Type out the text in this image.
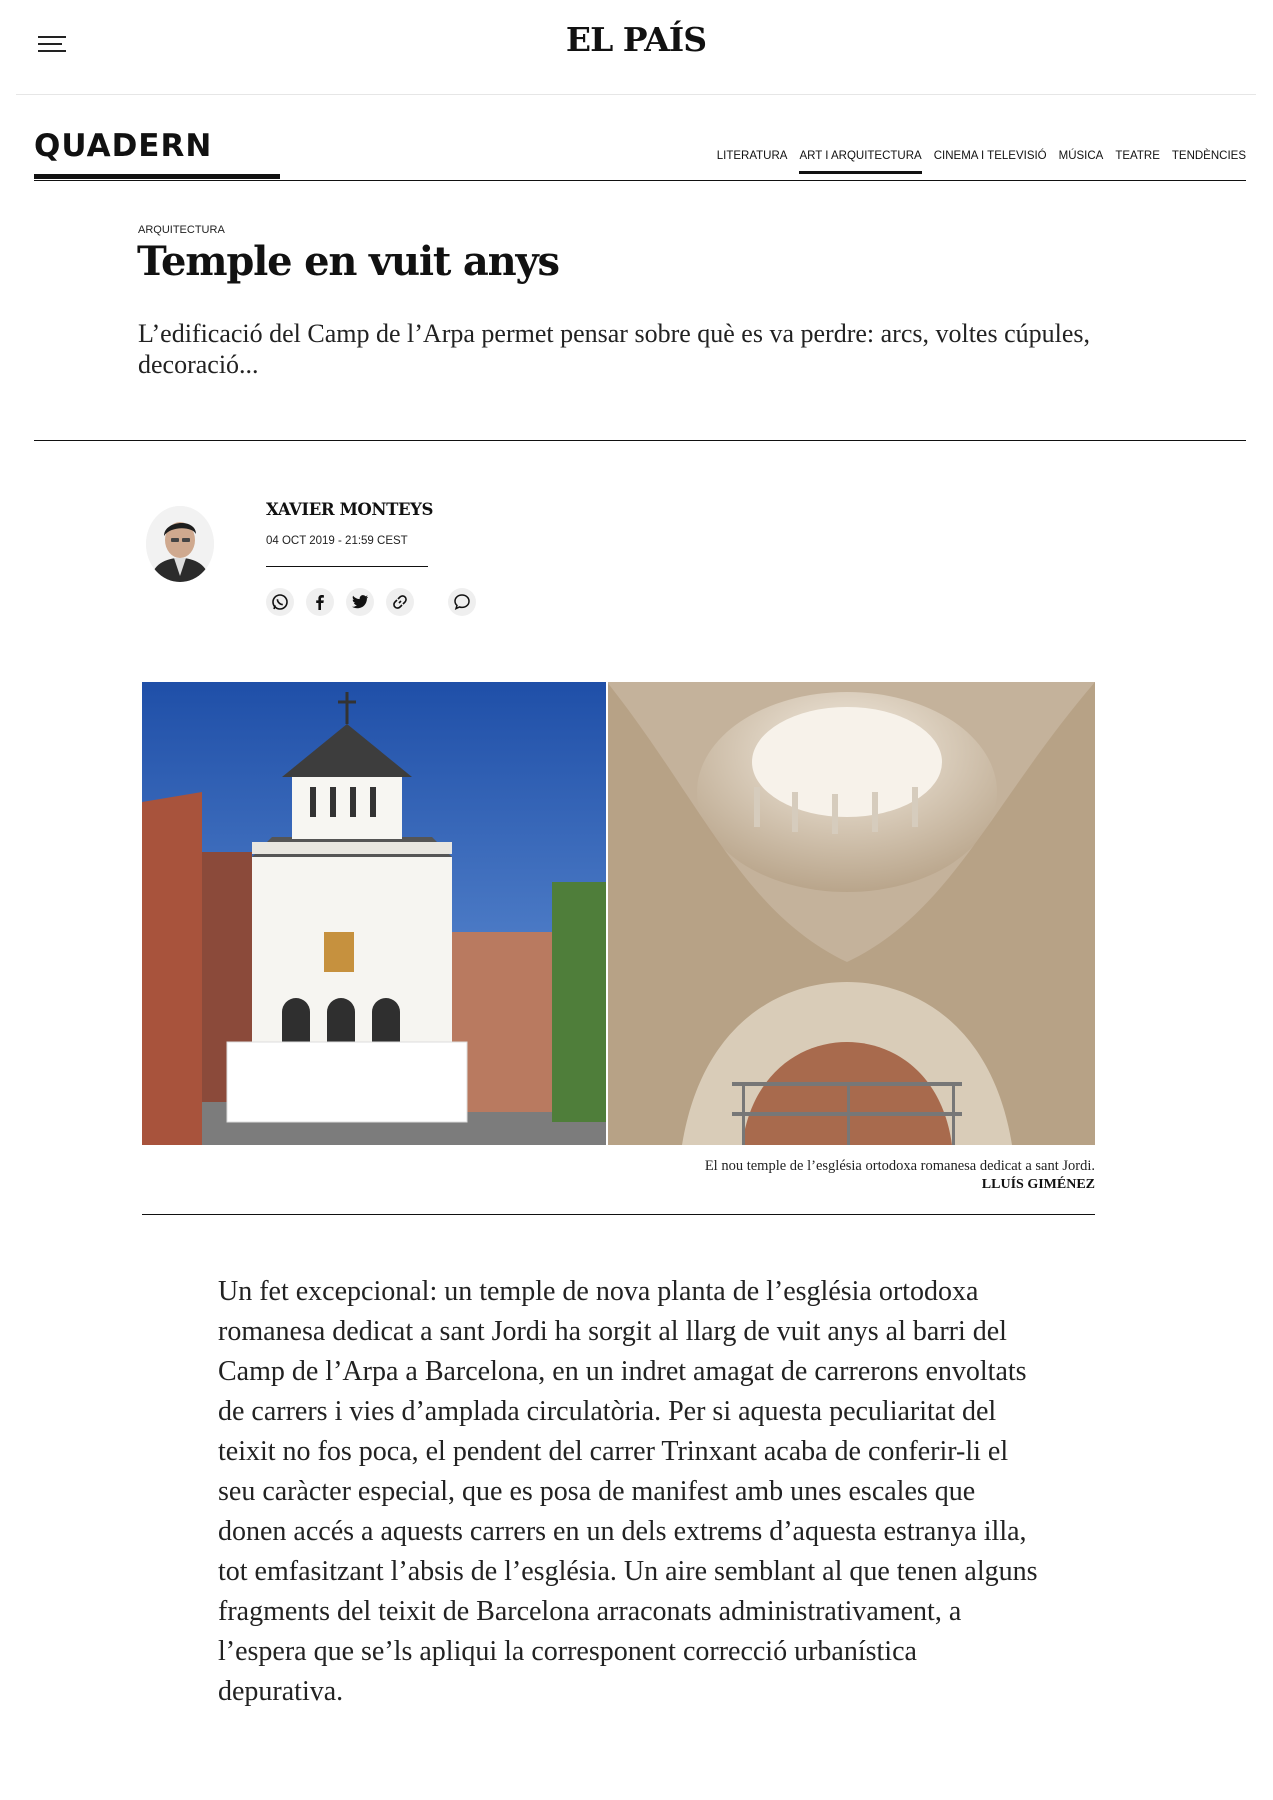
EL PAÍS
QUADERN	LITERATURA ART I ARQUITECTURA CINEMA I TELEVISIÓ MÚSICA TEATRE TENDÈNCIES
ARQUITECTURA
Temple en vuit anys
L’edificació del Camp de l’Arpa permet pensar sobre què es va perdre: arcs, voltes cúpules, decoració...
XAVIER MONTEYS
04 OCT 2019 - 21:59 CEST
El nou temple de l’església ortodoxa romanesa dedicat a sant Jordi.
LLUÍS GIMÉNEZ

Un fet excepcional: un temple de nova planta de l’església ortodoxa romanesa dedicat a sant Jordi ha sorgit al llarg de vuit anys al barri del Camp de l’Arpa a Barcelona, en un indret amagat de carrerons envoltats de carrers i vies d’amplada circulatòria. Per si aquesta peculiaritat del teixit no fos poca, el pendent del carrer Trinxant acaba de conferir-li el seu caràcter especial, que es posa de manifest amb unes escales que donen accés a aquests carrers en un dels extrems d’aquesta estranya illa, tot emfasitzant l’absis de l’església. Un aire semblant al que tenen alguns fragments del teixit de Barcelona arraconats administrativament, a l’espera que se’ls apliqui la corresponent correcció urbanística depurativa.
